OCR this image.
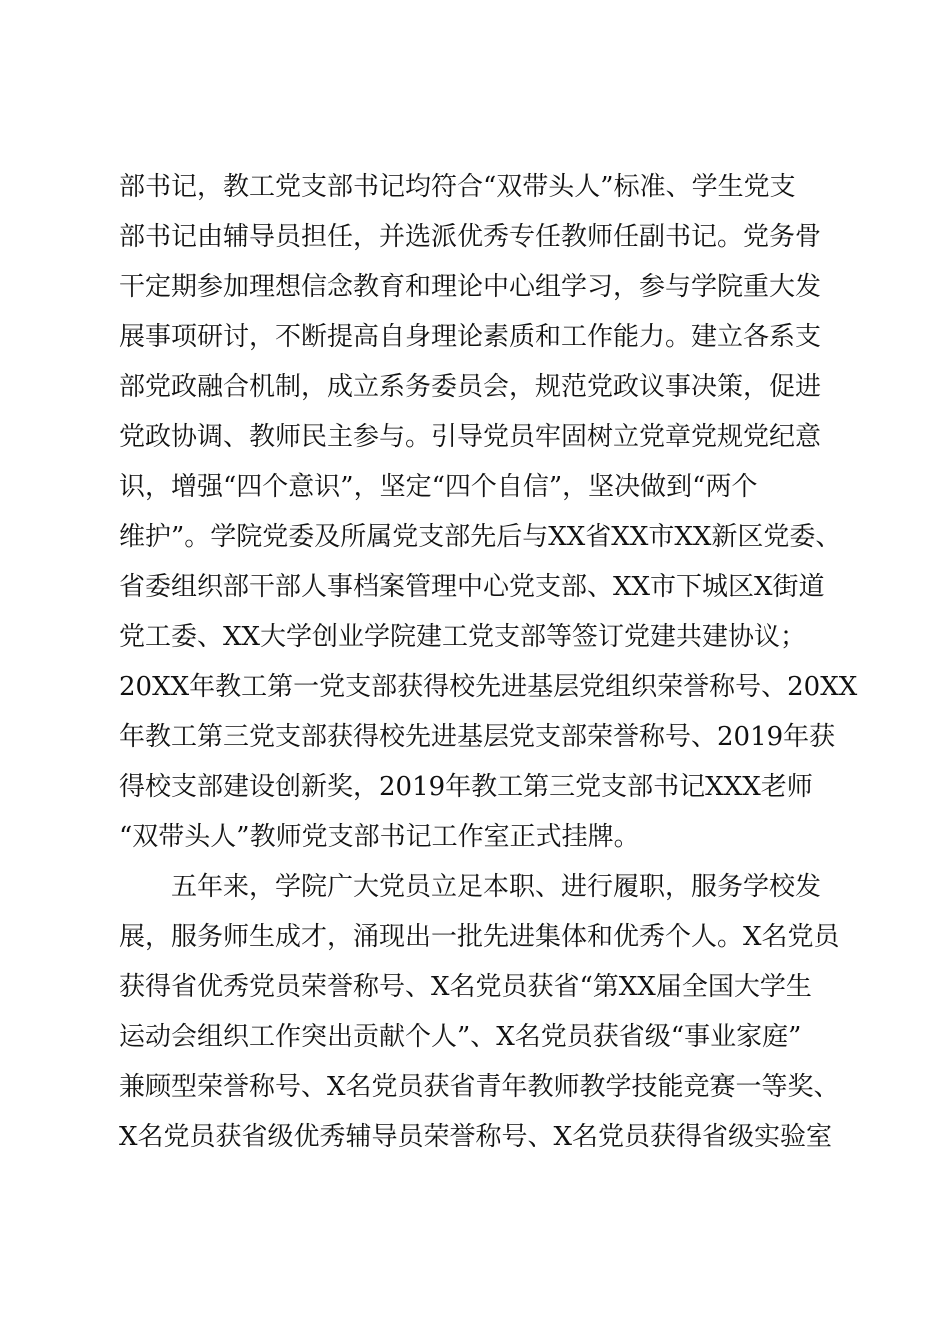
部书记，教工党支部书记均符合“双带头人”标准、学生党支
部书记由辅导员担任，并选派优秀专任教师任副书记。党务骨
干定期参加理想信念教育和理论中心组学习，参与学院重大发
展事项研讨，不断提高自身理论素质和工作能力。建立各系支
部党政融合机制，成立系务委员会，规范党政议事决策，促进
党政协调、教师民主参与。引导党员牢固树立党章党规党纪意
识，增强“四个意识”，坚定“四个自信”，坚决做到“两个
维护”。学院党委及所属党支部先后与XX省XX市XX新区党委、
省委组织部干部人事档案管理中心党支部、XX市下城区X街道
党工委、XX大学创业学院建工党支部等签订党建共建协议；
20XX年教工第一党支部获得校先进基层党组织荣誉称号、20XX
年教工第三党支部获得校先进基层党支部荣誉称号、2019年获
得校支部建设创新奖，2019年教工第三党支部书记XXX老师
“双带头人”教师党支部书记工作室正式挂牌。
　　五年来，学院广大党员立足本职、进行履职，服务学校发
展，服务师生成才，涌现出一批先进集体和优秀个人。X名党员
获得省优秀党员荣誉称号、X名党员获省“第XX届全国大学生
运动会组织工作突出贡献个人”、X名党员获省级“事业家庭”
兼顾型荣誉称号、X名党员获省青年教师教学技能竞赛一等奖、
X名党员获省级优秀辅导员荣誉称号、X名党员获得省级实验室
